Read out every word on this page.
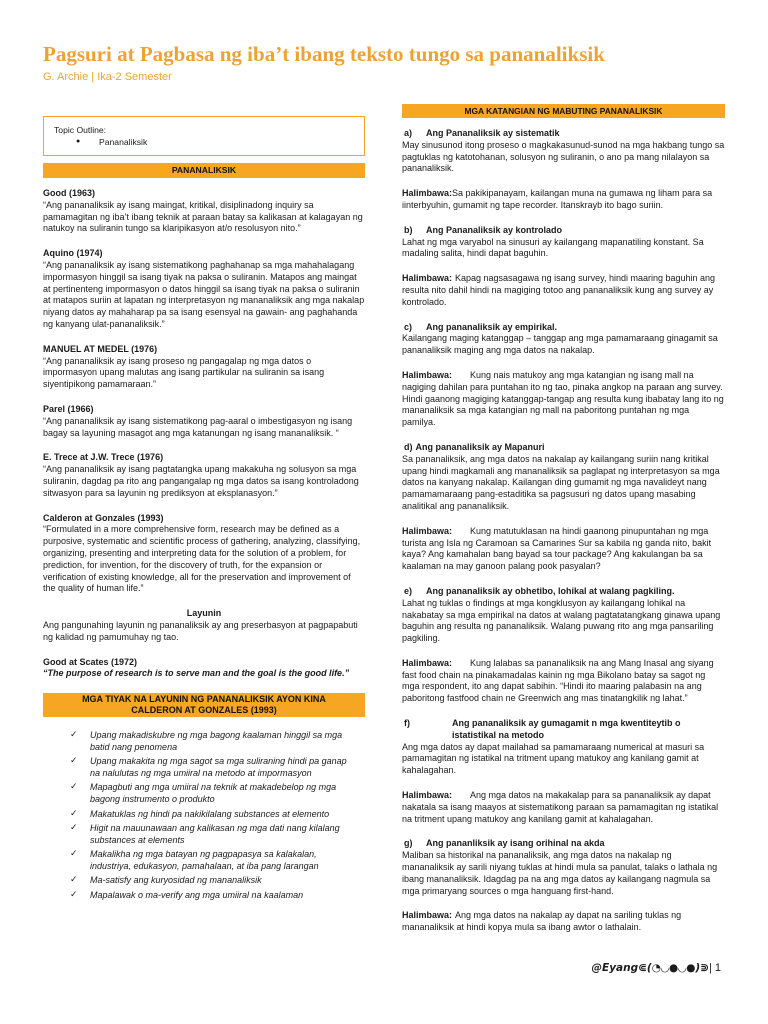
Pagsuri at Pagbasa ng iba’t ibang teksto tungo sa pananaliksik
G. Archie | Ika-2 Semester
Topic Outline:
●	Pananaliksik
PANANALIKSIK
Good (1963)

“Ang pananaliksik ay isang maingat, kritikal, disiplinadong inquiry sa pamamagitan ng iba’t ibang teknik at paraan batay sa kalikasan at kalagayan ng natukoy na suliranin tungo sa klaripikasyon at/o resolusyon nito.”

Aquino (1974)

“Ang pananaliksik ay isang sistematikong paghahanap sa mga mahahalagang impormasyon hinggil sa isang tiyak na paksa o suliranin. Matapos ang maingat at pertinenteng impormasyon o datos hinggil sa isang tiyak na paksa o suliranin at matapos suriin at lapatan ng interpretasyon ng mananaliksik ang mga nakalap niyang datos ay mahaharap pa sa isang esensyal na gawain- ang paghahanda ng kanyang ulat-pananaliksik.”

MANUEL AT MEDEL (1976)

“Ang pananaliksik ay isang proseso ng pangagalap ng mga datos o impormasyon upang malutas ang isang partikular na suliranin sa isang siyentipikong pamamaraan.”

Parel (1966)

“Ang pananaliksik ay isang sistematikong pag-aaral o imbestigasyon ng isang bagay sa layuning masagot ang mga katanungan ng isang mananaliksik. “

E. Trece at J.W. Trece (1976)

“Ang pananaliksik ay isang pagtatangka upang makakuha ng solusyon sa mga suliranin, dagdag pa rito ang pangangalap ng mga datos sa isang kontroladong sitwasyon para sa layunin ng prediksyon at eksplanasyon.”

Calderon at Gonzales (1993)

“Formulated in a more comprehensive form, research may be defined as a purposive, systematic and scientific process of gathering, analyzing, classifying, organizing, presenting and interpreting data for the solution of a problem, for prediction, for invention, for the discovery of truth, for the expansion or verification of existing knowledge, all for the preservation and improvement of the quality of human life.”

Layunin

Ang pangunahing layunin ng pananaliksik ay ang preserbasyon at pagpapabuti ng kalidad ng pamumuhay ng tao.

Good at Scates (1972)

“The purpose of research is to serve man and the goal is the good life.”

MGA TIYAK NA LAYUNIN NG PANANALIKSIK AYON KINA CALDERON AT GONZALES (1993)
✓	Upang makadiskubre ng mga bagong kaalaman hinggil sa mga batid nang penomena
✓	Upang makakita ng mga sagot sa mga suliraning hindi pa ganap na nalulutas ng mga umiiral na metodo at impormasyon
✓	Mapagbuti ang mga umiiral na teknik at makadebelop ng mga bagong instrumento o produkto
✓	Makatuklas ng hindi pa nakikilalang substances at elemento
✓	Higit na mauunawaan ang kalikasan ng mga dati nang kilalang substances at elements
✓	Makalikha ng mga batayan ng pagpapasya sa kalakalan, industriya, edukasyon, pamahalaan, at iba pang larangan
✓	Ma-satisfy ang kuryosidad ng mananaliksik
✓	Mapalawak o ma-verify ang mga umiiral na kaalaman
MGA KATANGIAN NG MABUTING PANANALIKSIK
a)	Ang Pananaliksik ay sistematik

May sinusunod itong proseso o magkakasunud-sunod na mga hakbang tungo sa pagtuklas ng katotohanan, solusyon ng suliranin, o ano pa mang nilalayon sa pananaliksik.

Halimbawa:Sa pakikipanayam, kailangan muna na gumawa ng liham para sa iinterbyuhin, gumamit ng tape recorder. Itanskrayb ito bago suriin.

b)	Ang Pananaliksik ay kontrolado

Lahat ng mga varyabol na sinusuri ay kailangang mapanatiling konstant. Sa madaling salita, hindi dapat baguhin.

Halimbawa: Kapag nagsasagawa ng isang survey, hindi maaring baguhin ang resulta nito dahil hindi na magiging totoo ang pananaliksik kung ang survey ay kontrolado.

c)	Ang pananaliksik ay empirikal.

Kailangang maging katanggap – tanggap ang mga pamamaraang ginagamit sa pananaliksik maging ang mga datos na nakalap.

Halimbawa: Kung nais matukoy ang mga katangian ng isang mall na nagiging dahilan para puntahan ito ng tao, pinaka angkop na paraan ang survey. Hindi gaanong magiging katanggap-tangap ang resulta kung ibabatay lang ito ng mananaliksik sa mga katangian ng mall na paboritong puntahan ng mga pamilya.

d) Ang pananaliksik ay Mapanuri

Sa pananaliksik, ang mga datos na nakalap ay kailangang suriin nang kritikal upang hindi magkamali ang mananaliksik sa paglapat ng interpretasyon sa mga datos na kanyang nakalap. Kailangan ding gumamit ng mga navalideyt nang pamamamaraang pang-estaditika sa pagsusuri ng datos upang masabing analitikal ang pananaliksik.

Halimbawa: Kung matutuklasan na hindi gaanong pinupuntahan ng mga turista ang Isla ng Caramoan sa Camarines Sur sa kabila ng ganda nito, bakit kaya? Ang kamahalan bang bayad sa tour package? Ang kakulangan ba sa kaalaman na may ganoon palang pook pasyalan?

e)	Ang pananaliksik ay obhetibo, lohikal at walang pagkiling.

Lahat ng tuklas o findings at mga kongklusyon ay kailangang lohikal na nakabatay sa mga empirikal na datos at walang pagtatatangkang ginawa upang baguhin ang resulta ng pananaliksik. Walang puwang rito ang mga pansariling pagkiling.

Halimbawa: Kung lalabas sa pananaliksik na ang Mang Inasal ang siyang fast food chain na pinakamadalas kainin ng mga Bikolano batay sa sagot ng mga respondent, ito ang dapat sabihin. “Hindi ito maaring palabasin na ang paboritong fastfood chain ne Greenwich ang mas tinatangkilik ng lahat.”

f)	Ang pananaliksik ay gumagamit n mga kwentiteytib o istatistikal na metodo

Ang mga datos ay dapat mailahad sa pamamaraang numerical at masuri sa pamamagitan ng istatikal na tritment upang matukoy ang kanilang gamit at kahalagahan.

Halimbawa: Ang mga datos na makakalap para sa pananaliksik ay dapat nakatala sa isang maayos at sistematikong paraan sa pamamagitan ng istatikal na tritment upang matukoy ang kanilang gamit at kahalagahan.

g)	Ang pananliksik ay isang orihinal na akda

Maliban sa historikal na pananaliksik, ang mga datos na nakalap ng mananaliksik ay sarili niyang tuklas at hindi mula sa panulat, talaks o lathala ng ibang mananaliksik. Idagdag pa na ang mga datos ay kailangang nagmula sa mga primaryang sources o mga hanguang first-hand.

Halimbawa: Ang mga datos na nakalap ay dapat na sariling tuklas ng mananaliksik at hindi kopya mula sa ibang awtor o lathalain.

@Eyang⋐(◔◡●◡●)⋑| 1
